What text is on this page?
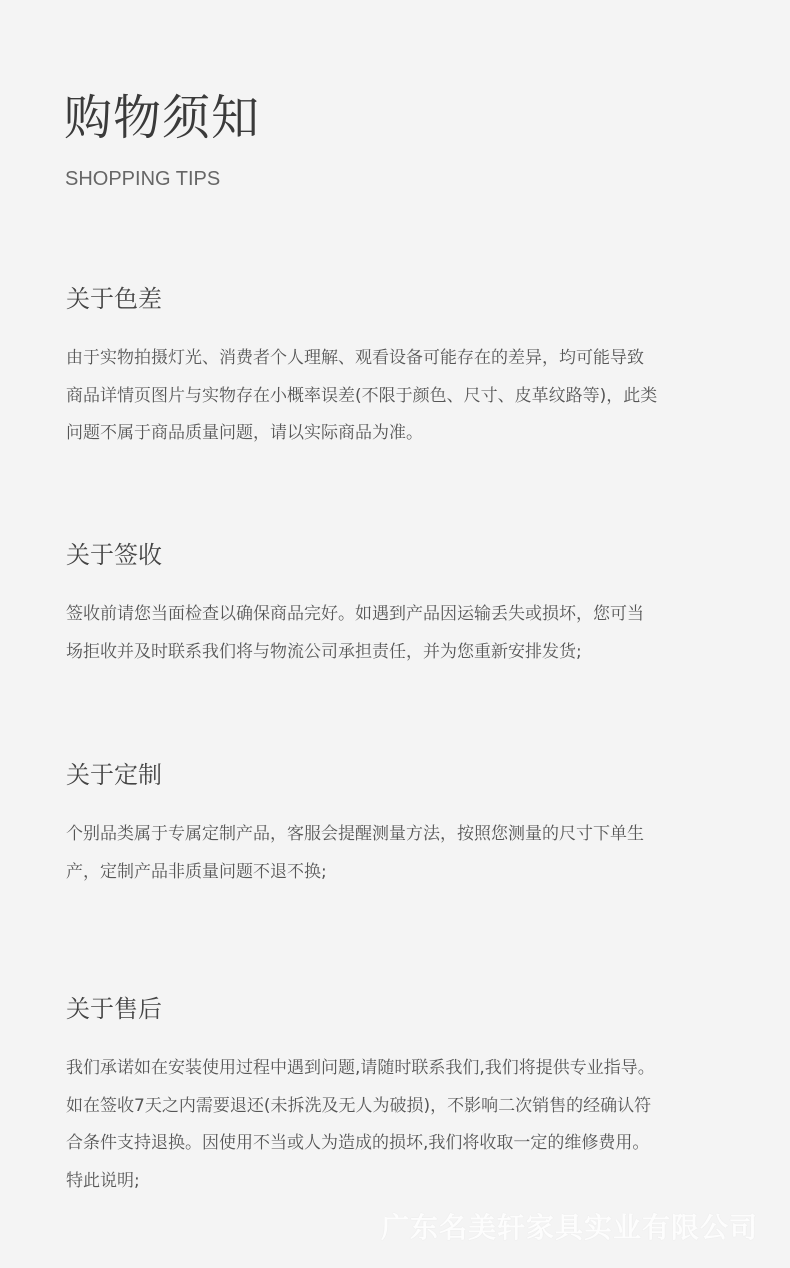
购物须知
SHOPPING TIPS
关于色差

由于实物拍摄灯光、消费者个人理解、观看设备可能存在的差异，均可能导致

商品详情页图片与实物存在小概率误差(不限于颜色、尺寸、皮革纹路等)，此类

问题不属于商品质量问题，请以实际商品为准。

关于签收

签收前请您当面检查以确保商品完好。如遇到产品因运输丢失或损坏，您可当

场拒收并及时联系我们将与物流公司承担责任，并为您重新安排发货;

关于定制

个别品类属于专属定制产品，客服会提醒测量方法，按照您测量的尺寸下单生

产，定制产品非质量问题不退不换;

关于售后

我们承诺如在安装使用过程中遇到问题,请随时联系我们,我们将提供专业指导。

如在签收7天之内需要退还(未拆洗及无人为破损)，不影响二次销售的经确认符

合条件支持退换。因使用不当或人为造成的损坏,我们将收取一定的维修费用。

特此说明;

广东名美轩家具实业有限公司
